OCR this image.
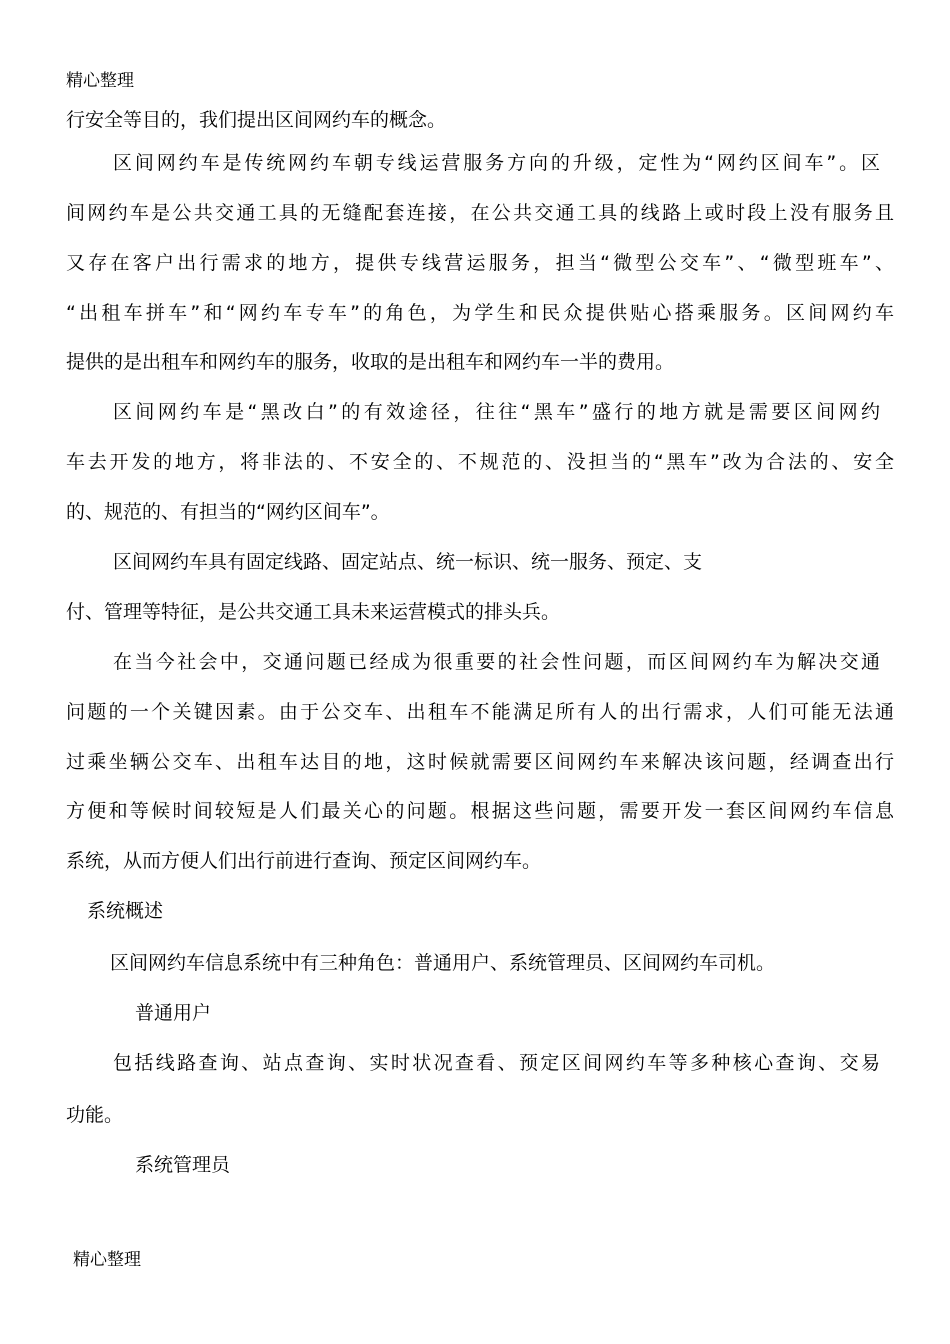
精心整理
行安全等目的，我们提出区间网约车的概念。
区间网约车是传统网约车朝专线运营服务方向的升级，定性为“网约区间车”。区
间网约车是公共交通工具的无缝配套连接，在公共交通工具的线路上或时段上没有服务且
又存在客户出行需求的地方，提供专线营运服务，担当“微型公交车”、“微型班车”、
“出租车拼车”和“网约车专车”的角色，为学生和民众提供贴心搭乘服务。区间网约车
提供的是出租车和网约车的服务，收取的是出租车和网约车一半的费用。
区间网约车是“黑改白”的有效途径，往往“黑车”盛行的地方就是需要区间网约
车去开发的地方，将非法的、不安全的、不规范的、没担当的“黑车”改为合法的、安全
的、规范的、有担当的“网约区间车”。
区间网约车具有固定线路、固定站点、统一标识、统一服务、预定、支
付、管理等特征，是公共交通工具未来运营模式的排头兵。
在当今社会中，交通问题已经成为很重要的社会性问题，而区间网约车为解决交通
问题的一个关键因素。由于公交车、出租车不能满足所有人的出行需求，人们可能无法通
过乘坐辆公交车、出租车达目的地，这时候就需要区间网约车来解决该问题，经调查出行
方便和等候时间较短是人们最关心的问题。根据这些问题，需要开发一套区间网约车信息
系统，从而方便人们出行前进行查询、预定区间网约车。
系统概述
区间网约车信息系统中有三种角色：普通用户、系统管理员、区间网约车司机。
普通用户
包括线路查询、站点查询、实时状况查看、预定区间网约车等多种核心查询、交易
功能。
系统管理员
精心整理
